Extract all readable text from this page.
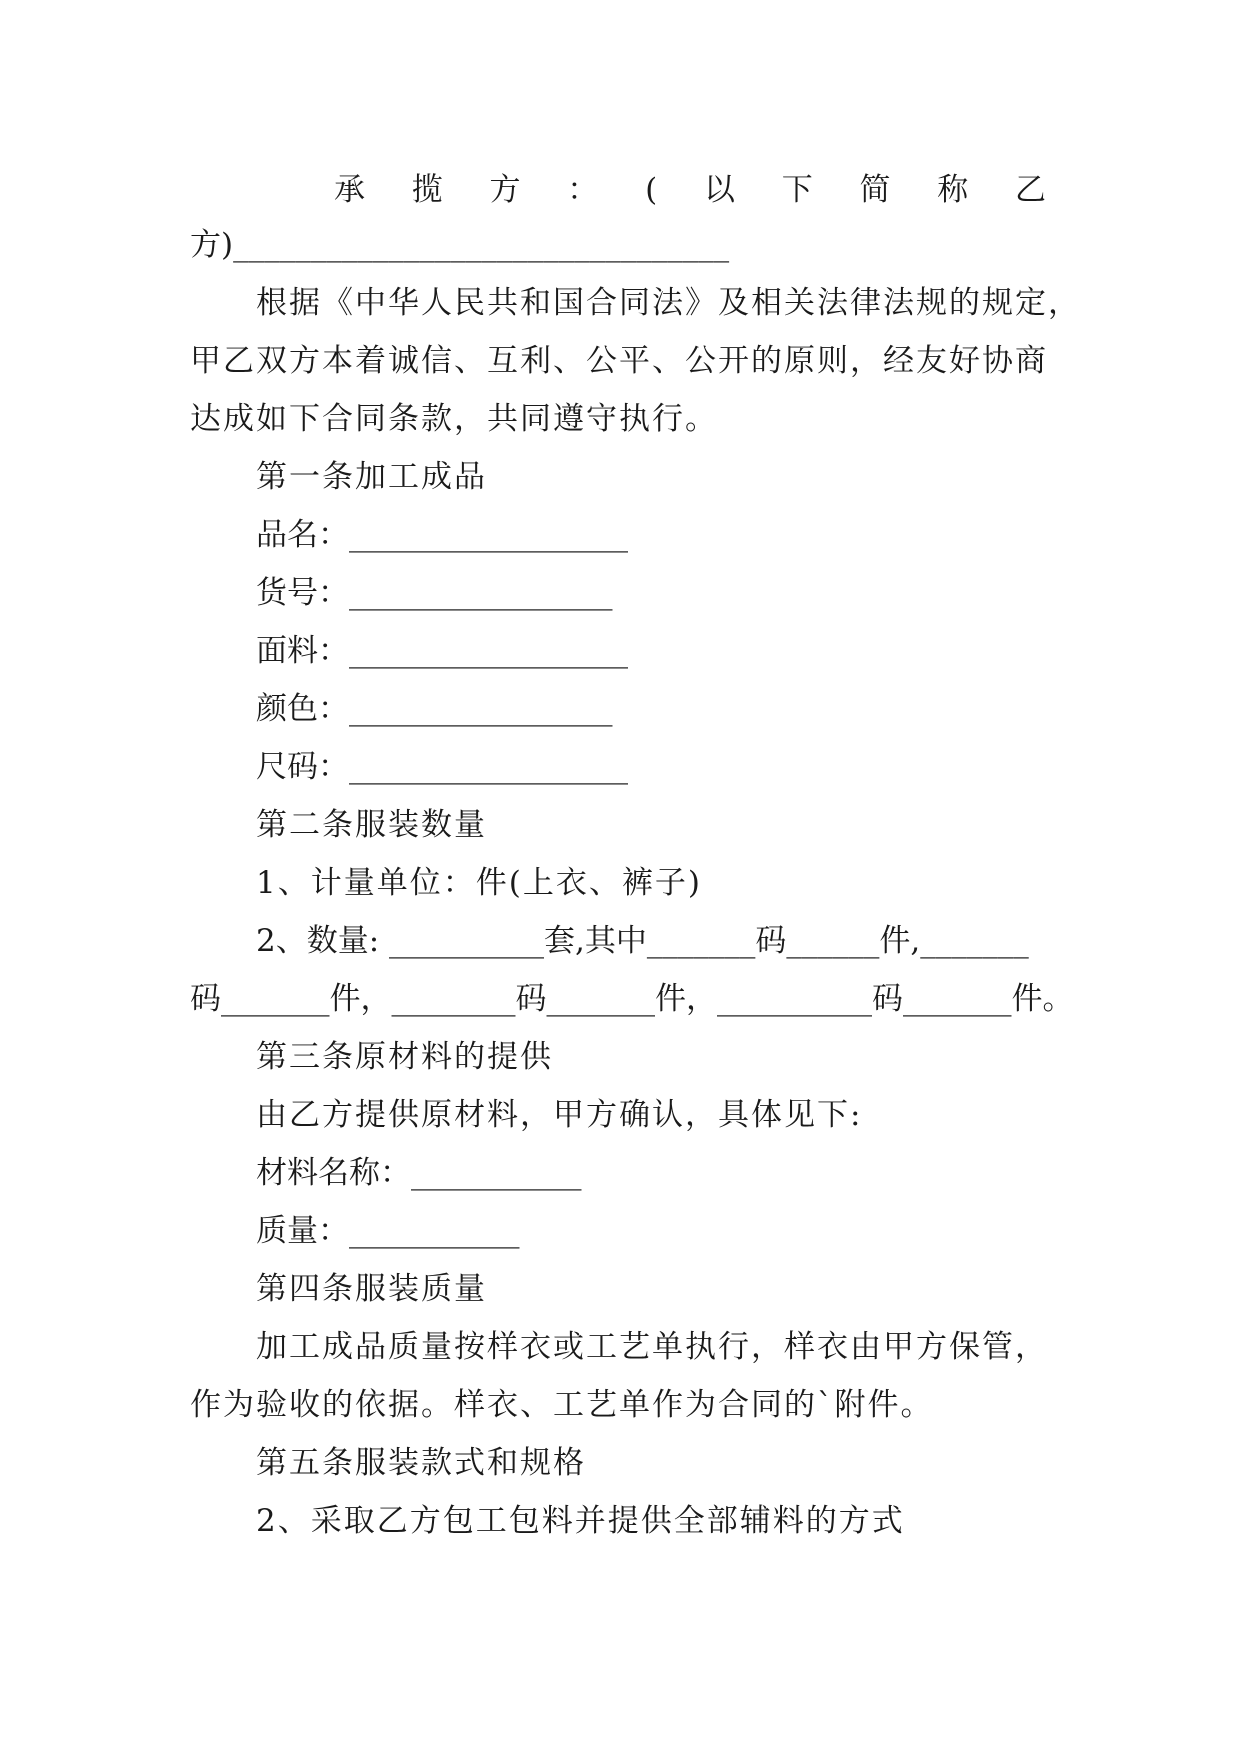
承 揽 方 ： ( 以 下 简 称 乙
方)________________________________
根据《中华人民共和国合同法》及相关法律法规的规定，
甲乙双方本着诚信、互利、公平、公开的原则，经友好协商
达成如下合同条款，共同遵守执行。
第一条加工成品
品名：__________________
货号：_________________
面料：__________________
颜色：_________________
尺码：__________________
第二条服装数量
1、计量单位：件(上衣、裤子)
2、数量: __________套,其中_______码______件,_______
码_______件，________码_______件，__________码_______件。
第三条原材料的提供
由乙方提供原材料，甲方确认，具体见下:
材料名称：___________
质量：___________
第四条服装质量
加工成品质量按样衣或工艺单执行，样衣由甲方保管，
作为验收的依据。样衣、工艺单作为合同的`附件。
第五条服装款式和规格
2、采取乙方包工包料并提供全部辅料的方式
